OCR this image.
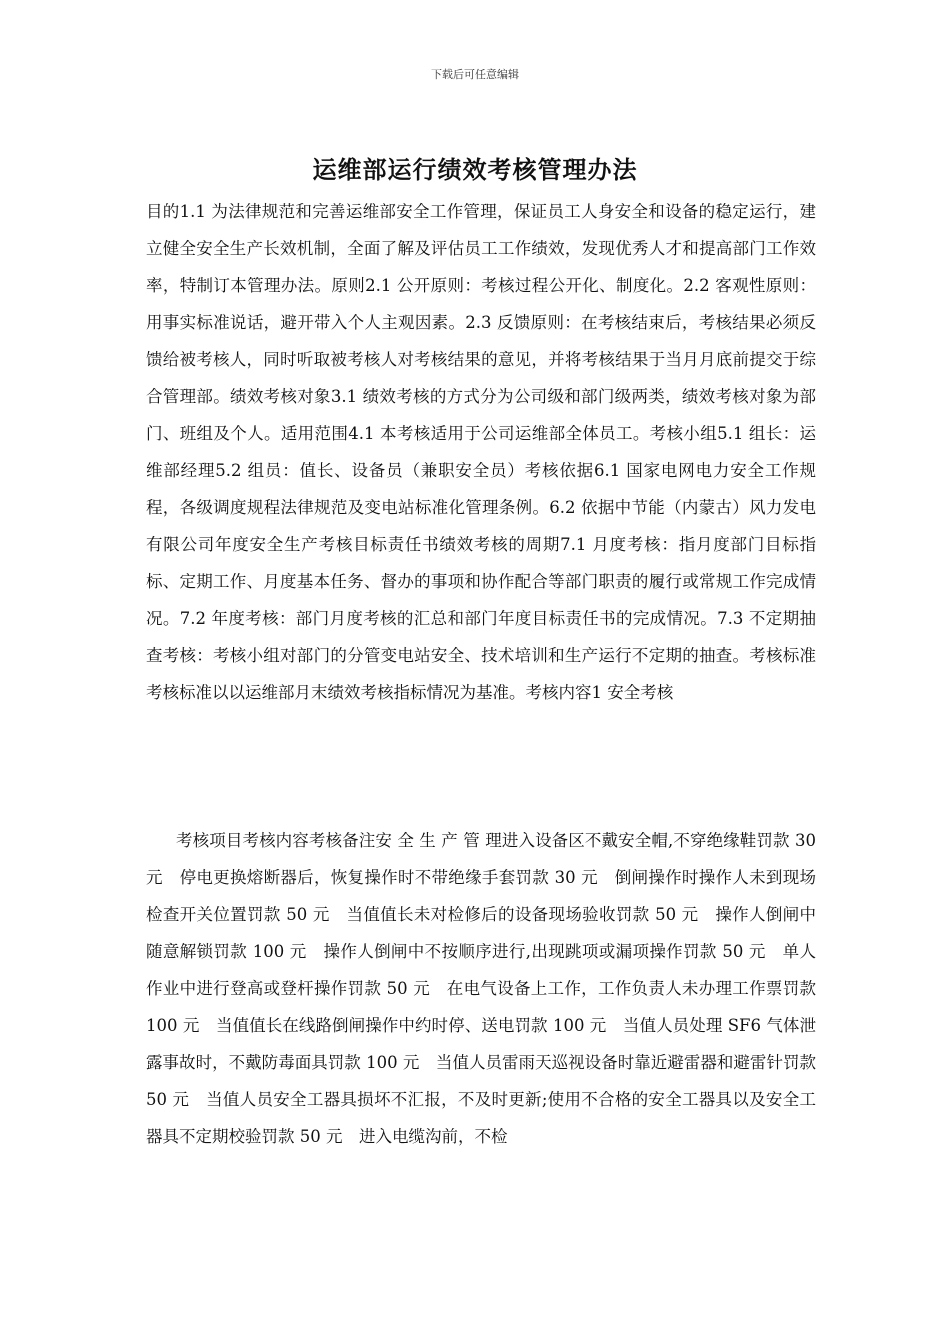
下载后可任意编辑
运维部运行绩效考核管理办法
目的1.1 为法律规范和完善运维部安全工作管理，保证员工人身安全和设备的稳定运行，建立健全安全生产长效机制，全面了解及评估员工工作绩效，发现优秀人才和提高部门工作效率，特制订本管理办法。原则2.1 公开原则：考核过程公开化、制度化。2.2 客观性原则：用事实标准说话，避开带入个人主观因素。2.3 反馈原则：在考核结束后，考核结果必须反馈给被考核人，同时听取被考核人对考核结果的意见，并将考核结果于当月月底前提交于综合管理部。绩效考核对象3.1 绩效考核的方式分为公司级和部门级两类，绩效考核对象为部门、班组及个人。适用范围4.1 本考核适用于公司运维部全体员工。考核小组5.1 组长：运维部经理5.2 组员：值长、设备员（兼职安全员）考核依据6.1 国家电网电力安全工作规程，各级调度规程法律规范及变电站标准化管理条例。6.2 依据中节能（内蒙古）风力发电有限公司年度安全生产考核目标责任书绩效考核的周期7.1 月度考核：指月度部门目标指标、定期工作、月度基本任务、督办的事项和协作配合等部门职责的履行或常规工作完成情况。7.2 年度考核：部门月度考核的汇总和部门年度目标责任书的完成情况。7.3 不定期抽查考核：考核小组对部门的分管变电站安全、技术培训和生产运行不定期的抽查。考核标准考核标准以以运维部月末绩效考核指标情况为基准。考核内容1 安全考核
考核项目考核内容考核备注安 全 生 产 管 理进入设备区不戴安全帽,不穿绝缘鞋罚款 30 元　停电更换熔断器后，恢复操作时不带绝缘手套罚款 30 元　倒闸操作时操作人未到现场检查开关位置罚款 50 元　当值值长未对检修后的设备现场验收罚款 50 元　操作人倒闸中随意解锁罚款 100 元　操作人倒闸中不按顺序进行,出现跳项或漏项操作罚款 50 元　单人作业中进行登高或登杆操作罚款 50 元　在电气设备上工作，工作负责人未办理工作票罚款 100 元　当值值长在线路倒闸操作中约时停、送电罚款 100 元　当值人员处理 SF6 气体泄露事故时，不戴防毒面具罚款 100 元　当值人员雷雨天巡视设备时靠近避雷器和避雷针罚款 50 元　当值人员安全工器具损坏不汇报，不及时更新;使用不合格的安全工器具以及安全工器具不定期校验罚款 50 元　进入电缆沟前，不检
